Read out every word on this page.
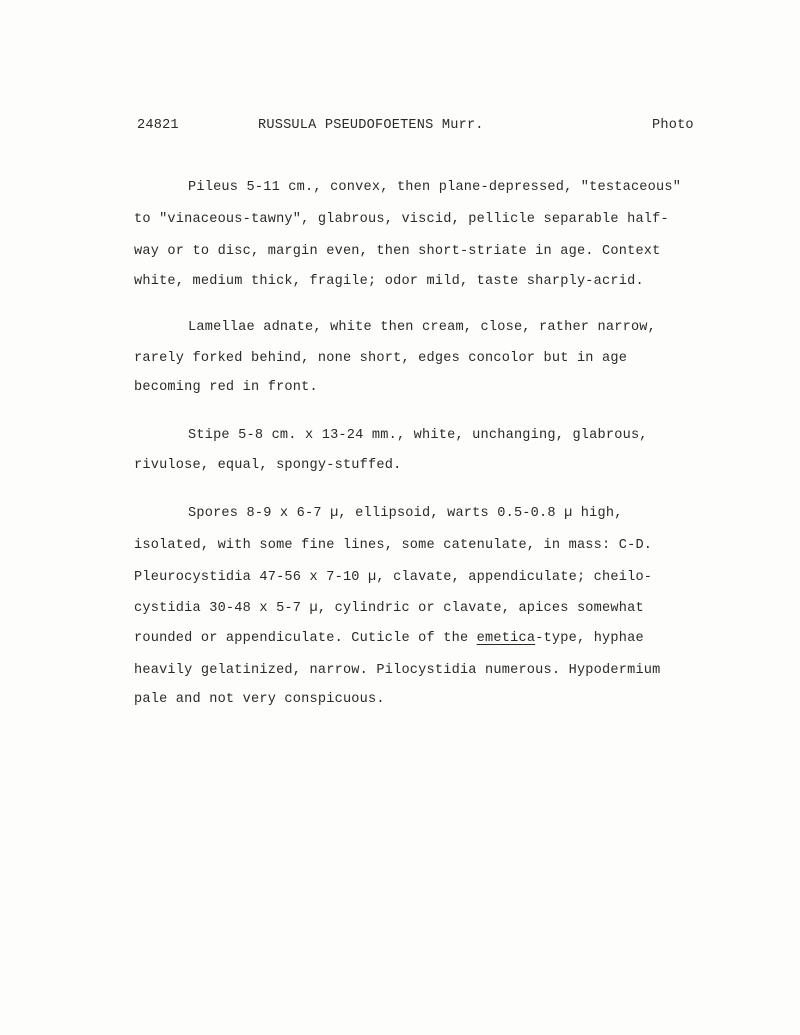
24821	RUSSULA PSEUDOFOETENS Murr.	Photo
Pileus 5-11 cm., convex, then plane-depressed, "testaceous"
to "vinaceous-tawny", glabrous, viscid, pellicle separable half-
way or to disc, margin even, then short-striate in age. Context
white, medium thick, fragile; odor mild, taste sharply-acrid.
Lamellae adnate, white then cream, close, rather narrow,
rarely forked behind, none short, edges concolor but in age
becoming red in front.
Stipe 5-8 cm. x 13-24 mm., white, unchanging, glabrous,
rivulose, equal, spongy-stuffed.
Spores 8-9 x 6-7 µ, ellipsoid, warts 0.5-0.8 µ high,
isolated, with some fine lines, some catenulate, in mass: C-D.
Pleurocystidia 47-56 x 7-10 µ, clavate, appendiculate; cheilo-
cystidia 30-48 x 5-7 µ, cylindric or clavate, apices somewhat
rounded or appendiculate. Cuticle of the emetica-type, hyphae
heavily gelatinized, narrow. Pilocystidia numerous. Hypodermium
pale and not very conspicuous.
